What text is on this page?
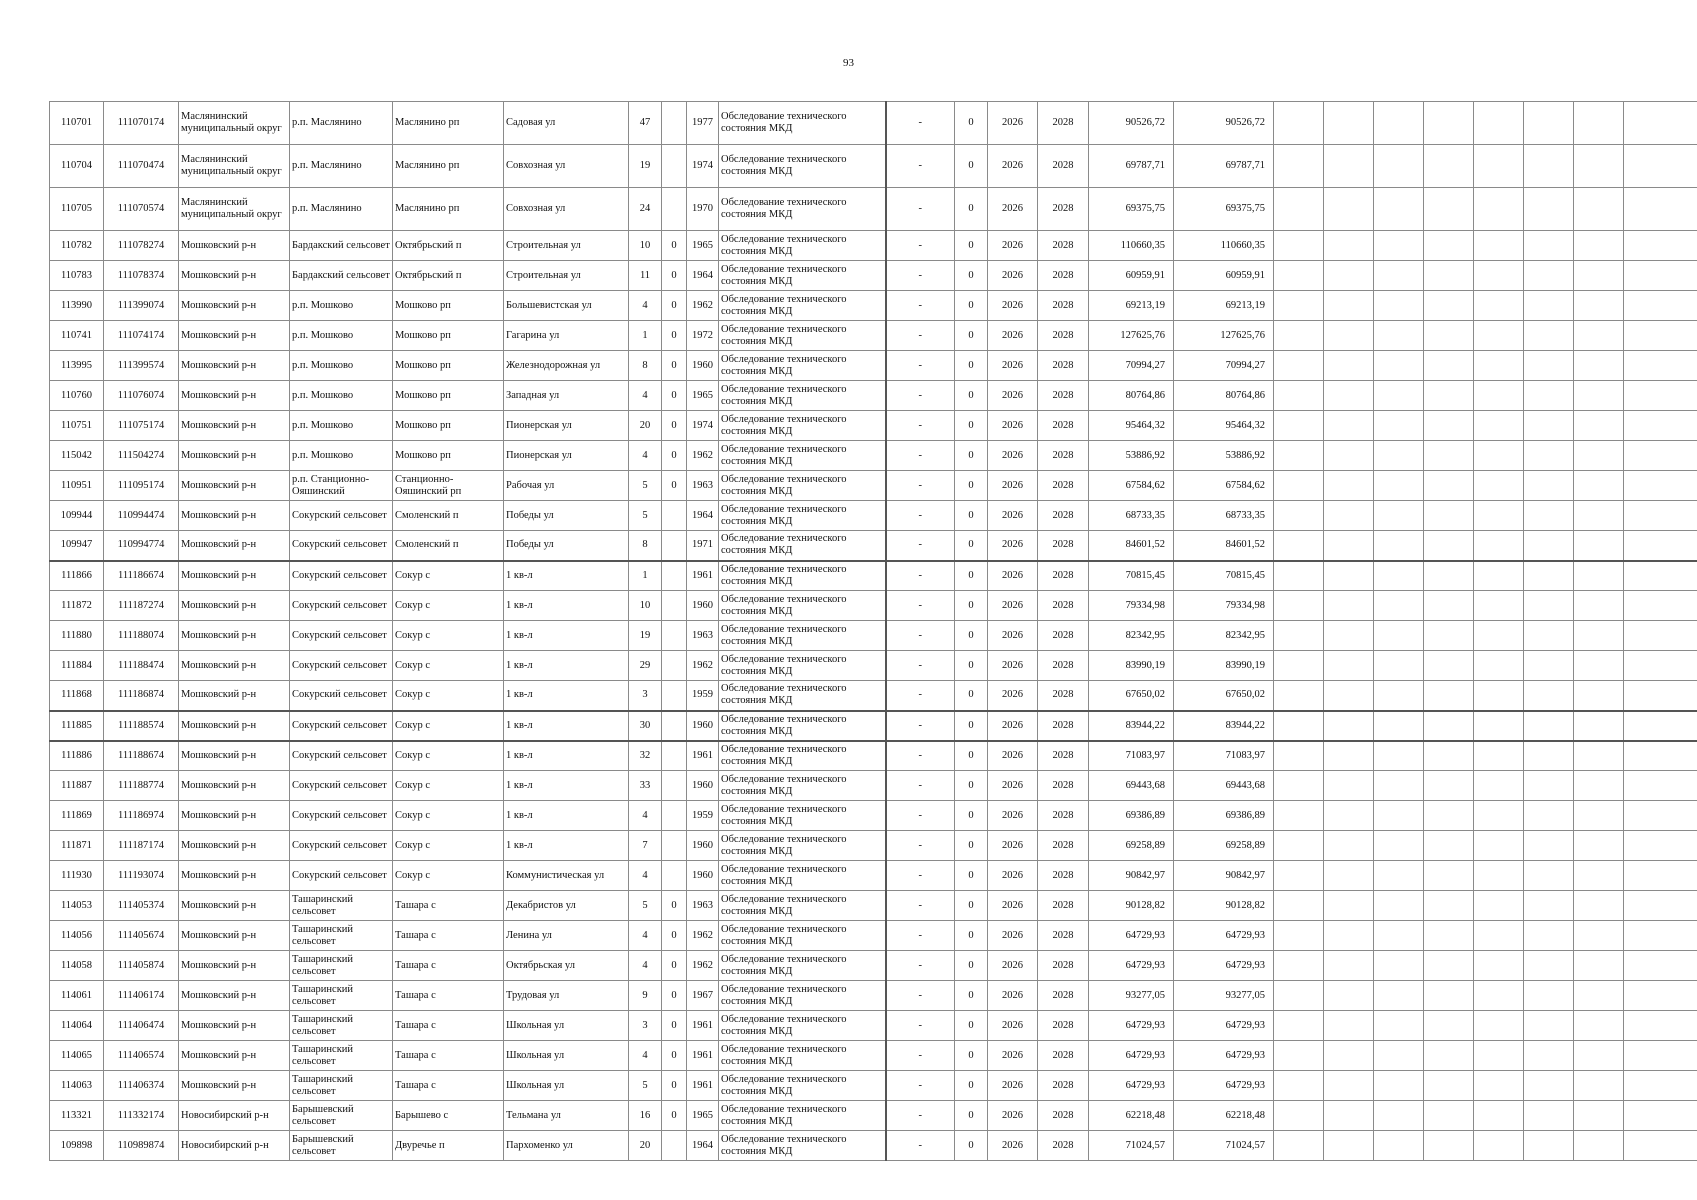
93
110701	111070174	Маслянинский муниципальный округ	р.п. Маслянино	Маслянино рп	Садовая ул	47		1977	Обследование технического состояния МКД	-	0	2026	2028	90526,72	90526,72								
110704	111070474	Маслянинский муниципальный округ	р.п. Маслянино	Маслянино рп	Совхозная ул	19		1974	Обследование технического состояния МКД	-	0	2026	2028	69787,71	69787,71								
110705	111070574	Маслянинский муниципальный округ	р.п. Маслянино	Маслянино рп	Совхозная ул	24		1970	Обследование технического состояния МКД	-	0	2026	2028	69375,75	69375,75								
110782	111078274	Мошковский р-н	Бардакский сельсовет	Октябрьский п	Строительная ул	10	0	1965	Обследование технического состояния МКД	-	0	2026	2028	110660,35	110660,35								
110783	111078374	Мошковский р-н	Бардакский сельсовет	Октябрьский п	Строительная ул	11	0	1964	Обследование технического состояния МКД	-	0	2026	2028	60959,91	60959,91								
113990	111399074	Мошковский р-н	р.п. Мошково	Мошково рп	Большевистская ул	4	0	1962	Обследование технического состояния МКД	-	0	2026	2028	69213,19	69213,19								
110741	111074174	Мошковский р-н	р.п. Мошково	Мошково рп	Гагарина ул	1	0	1972	Обследование технического состояния МКД	-	0	2026	2028	127625,76	127625,76								
113995	111399574	Мошковский р-н	р.п. Мошково	Мошково рп	Железнодорожная ул	8	0	1960	Обследование технического состояния МКД	-	0	2026	2028	70994,27	70994,27								
110760	111076074	Мошковский р-н	р.п. Мошково	Мошково рп	Западная ул	4	0	1965	Обследование технического состояния МКД	-	0	2026	2028	80764,86	80764,86								
110751	111075174	Мошковский р-н	р.п. Мошково	Мошково рп	Пионерская ул	20	0	1974	Обследование технического состояния МКД	-	0	2026	2028	95464,32	95464,32								
115042	111504274	Мошковский р-н	р.п. Мошково	Мошково рп	Пионерская ул	4	0	1962	Обследование технического состояния МКД	-	0	2026	2028	53886,92	53886,92								
110951	111095174	Мошковский р-н	р.п. Станционно-Ояшинский	Станционно-Ояшинский рп	Рабочая ул	5	0	1963	Обследование технического состояния МКД	-	0	2026	2028	67584,62	67584,62								
109944	110994474	Мошковский р-н	Сокурский сельсовет	Смоленский п	Победы ул	5		1964	Обследование технического состояния МКД	-	0	2026	2028	68733,35	68733,35								
109947	110994774	Мошковский р-н	Сокурский сельсовет	Смоленский п	Победы ул	8		1971	Обследование технического состояния МКД	-	0	2026	2028	84601,52	84601,52								
111866	111186674	Мошковский р-н	Сокурский сельсовет	Сокур с	1 кв-л	1		1961	Обследование технического состояния МКД	-	0	2026	2028	70815,45	70815,45								
111872	111187274	Мошковский р-н	Сокурский сельсовет	Сокур с	1 кв-л	10		1960	Обследование технического состояния МКД	-	0	2026	2028	79334,98	79334,98								
111880	111188074	Мошковский р-н	Сокурский сельсовет	Сокур с	1 кв-л	19		1963	Обследование технического состояния МКД	-	0	2026	2028	82342,95	82342,95								
111884	111188474	Мошковский р-н	Сокурский сельсовет	Сокур с	1 кв-л	29		1962	Обследование технического состояния МКД	-	0	2026	2028	83990,19	83990,19								
111868	111186874	Мошковский р-н	Сокурский сельсовет	Сокур с	1 кв-л	3		1959	Обследование технического состояния МКД	-	0	2026	2028	67650,02	67650,02								
111885	111188574	Мошковский р-н	Сокурский сельсовет	Сокур с	1 кв-л	30		1960	Обследование технического состояния МКД	-	0	2026	2028	83944,22	83944,22								
111886	111188674	Мошковский р-н	Сокурский сельсовет	Сокур с	1 кв-л	32		1961	Обследование технического состояния МКД	-	0	2026	2028	71083,97	71083,97								
111887	111188774	Мошковский р-н	Сокурский сельсовет	Сокур с	1 кв-л	33		1960	Обследование технического состояния МКД	-	0	2026	2028	69443,68	69443,68								
111869	111186974	Мошковский р-н	Сокурский сельсовет	Сокур с	1 кв-л	4		1959	Обследование технического состояния МКД	-	0	2026	2028	69386,89	69386,89								
111871	111187174	Мошковский р-н	Сокурский сельсовет	Сокур с	1 кв-л	7		1960	Обследование технического состояния МКД	-	0	2026	2028	69258,89	69258,89								
111930	111193074	Мошковский р-н	Сокурский сельсовет	Сокур с	Коммунистическая ул	4		1960	Обследование технического состояния МКД	-	0	2026	2028	90842,97	90842,97								
114053	111405374	Мошковский р-н	Ташаринский сельсовет	Ташара с	Декабристов ул	5	0	1963	Обследование технического состояния МКД	-	0	2026	2028	90128,82	90128,82								
114056	111405674	Мошковский р-н	Ташаринский сельсовет	Ташара с	Ленина ул	4	0	1962	Обследование технического состояния МКД	-	0	2026	2028	64729,93	64729,93								
114058	111405874	Мошковский р-н	Ташаринский сельсовет	Ташара с	Октябрьская ул	4	0	1962	Обследование технического состояния МКД	-	0	2026	2028	64729,93	64729,93								
114061	111406174	Мошковский р-н	Ташаринский сельсовет	Ташара с	Трудовая ул	9	0	1967	Обследование технического состояния МКД	-	0	2026	2028	93277,05	93277,05								
114064	111406474	Мошковский р-н	Ташаринский сельсовет	Ташара с	Школьная ул	3	0	1961	Обследование технического состояния МКД	-	0	2026	2028	64729,93	64729,93								
114065	111406574	Мошковский р-н	Ташаринский сельсовет	Ташара с	Школьная ул	4	0	1961	Обследование технического состояния МКД	-	0	2026	2028	64729,93	64729,93								
114063	111406374	Мошковский р-н	Ташаринский сельсовет	Ташара с	Школьная ул	5	0	1961	Обследование технического состояния МКД	-	0	2026	2028	64729,93	64729,93								
113321	111332174	Новосибирский р-н	Барышевский сельсовет	Барышево с	Тельмана ул	16	0	1965	Обследование технического состояния МКД	-	0	2026	2028	62218,48	62218,48								
109898	110989874	Новосибирский р-н	Барышевский сельсовет	Двуречье п	Пархоменко ул	20		1964	Обследование технического состояния МКД	-	0	2026	2028	71024,57	71024,57								
